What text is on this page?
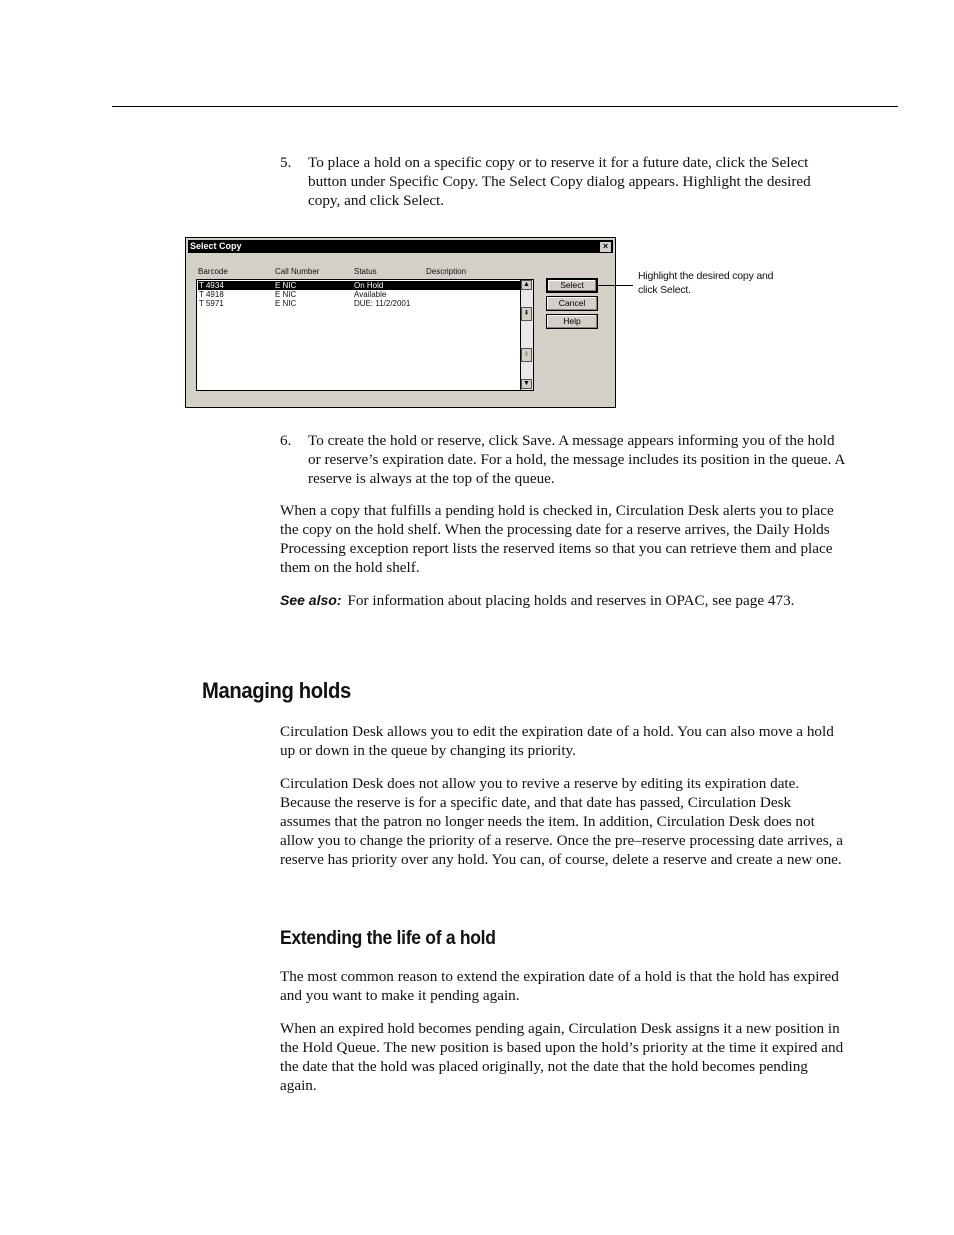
5. To place a hold on a specific copy or to reserve it for a future date, click the Select button under Specific Copy. The Select Copy dialog appears. Highlight the desired copy, and click Select.
Select Copy	×
Barcode	Call Number	Status	Description
T 4934	E NIC	On Hold
T 4918	E NIC	Available
T 5971	E NIC	DUE: 11/2/2001
▲
⇞
⇟
▼
Select
Cancel
Help
Highlight the desired copy and click Select.
6. To create the hold or reserve, click Save. A message appears informing you of the hold or reserve’s expiration date. For a hold, the message includes its position in the queue. A reserve is always at the top of the queue.

When a copy that fulfills a pending hold is checked in, Circulation Desk alerts you to place the copy on the hold shelf. When the processing date for a reserve arrives, the Daily Holds Processing exception report lists the reserved items so that you can retrieve them and place them on the hold shelf.

See also: For information about placing holds and reserves in OPAC, see page 473.

Managing holds

Circulation Desk allows you to edit the expiration date of a hold. You can also move a hold up or down in the queue by changing its priority.

Circulation Desk does not allow you to revive a reserve by editing its expiration date. Because the reserve is for a specific date, and that date has passed, Circulation Desk assumes that the patron no longer needs the item. In addition, Circulation Desk does not allow you to change the priority of a reserve. Once the pre–reserve processing date arrives, a reserve has priority over any hold. You can, of course, delete a reserve and create a new one.

Extending the life of a hold

The most common reason to extend the expiration date of a hold is that the hold has expired and you want to make it pending again.

When an expired hold becomes pending again, Circulation Desk assigns it a new position in the Hold Queue. The new position is based upon the hold’s priority at the time it expired and the date that the hold was placed originally, not the date that the hold becomes pending again.
